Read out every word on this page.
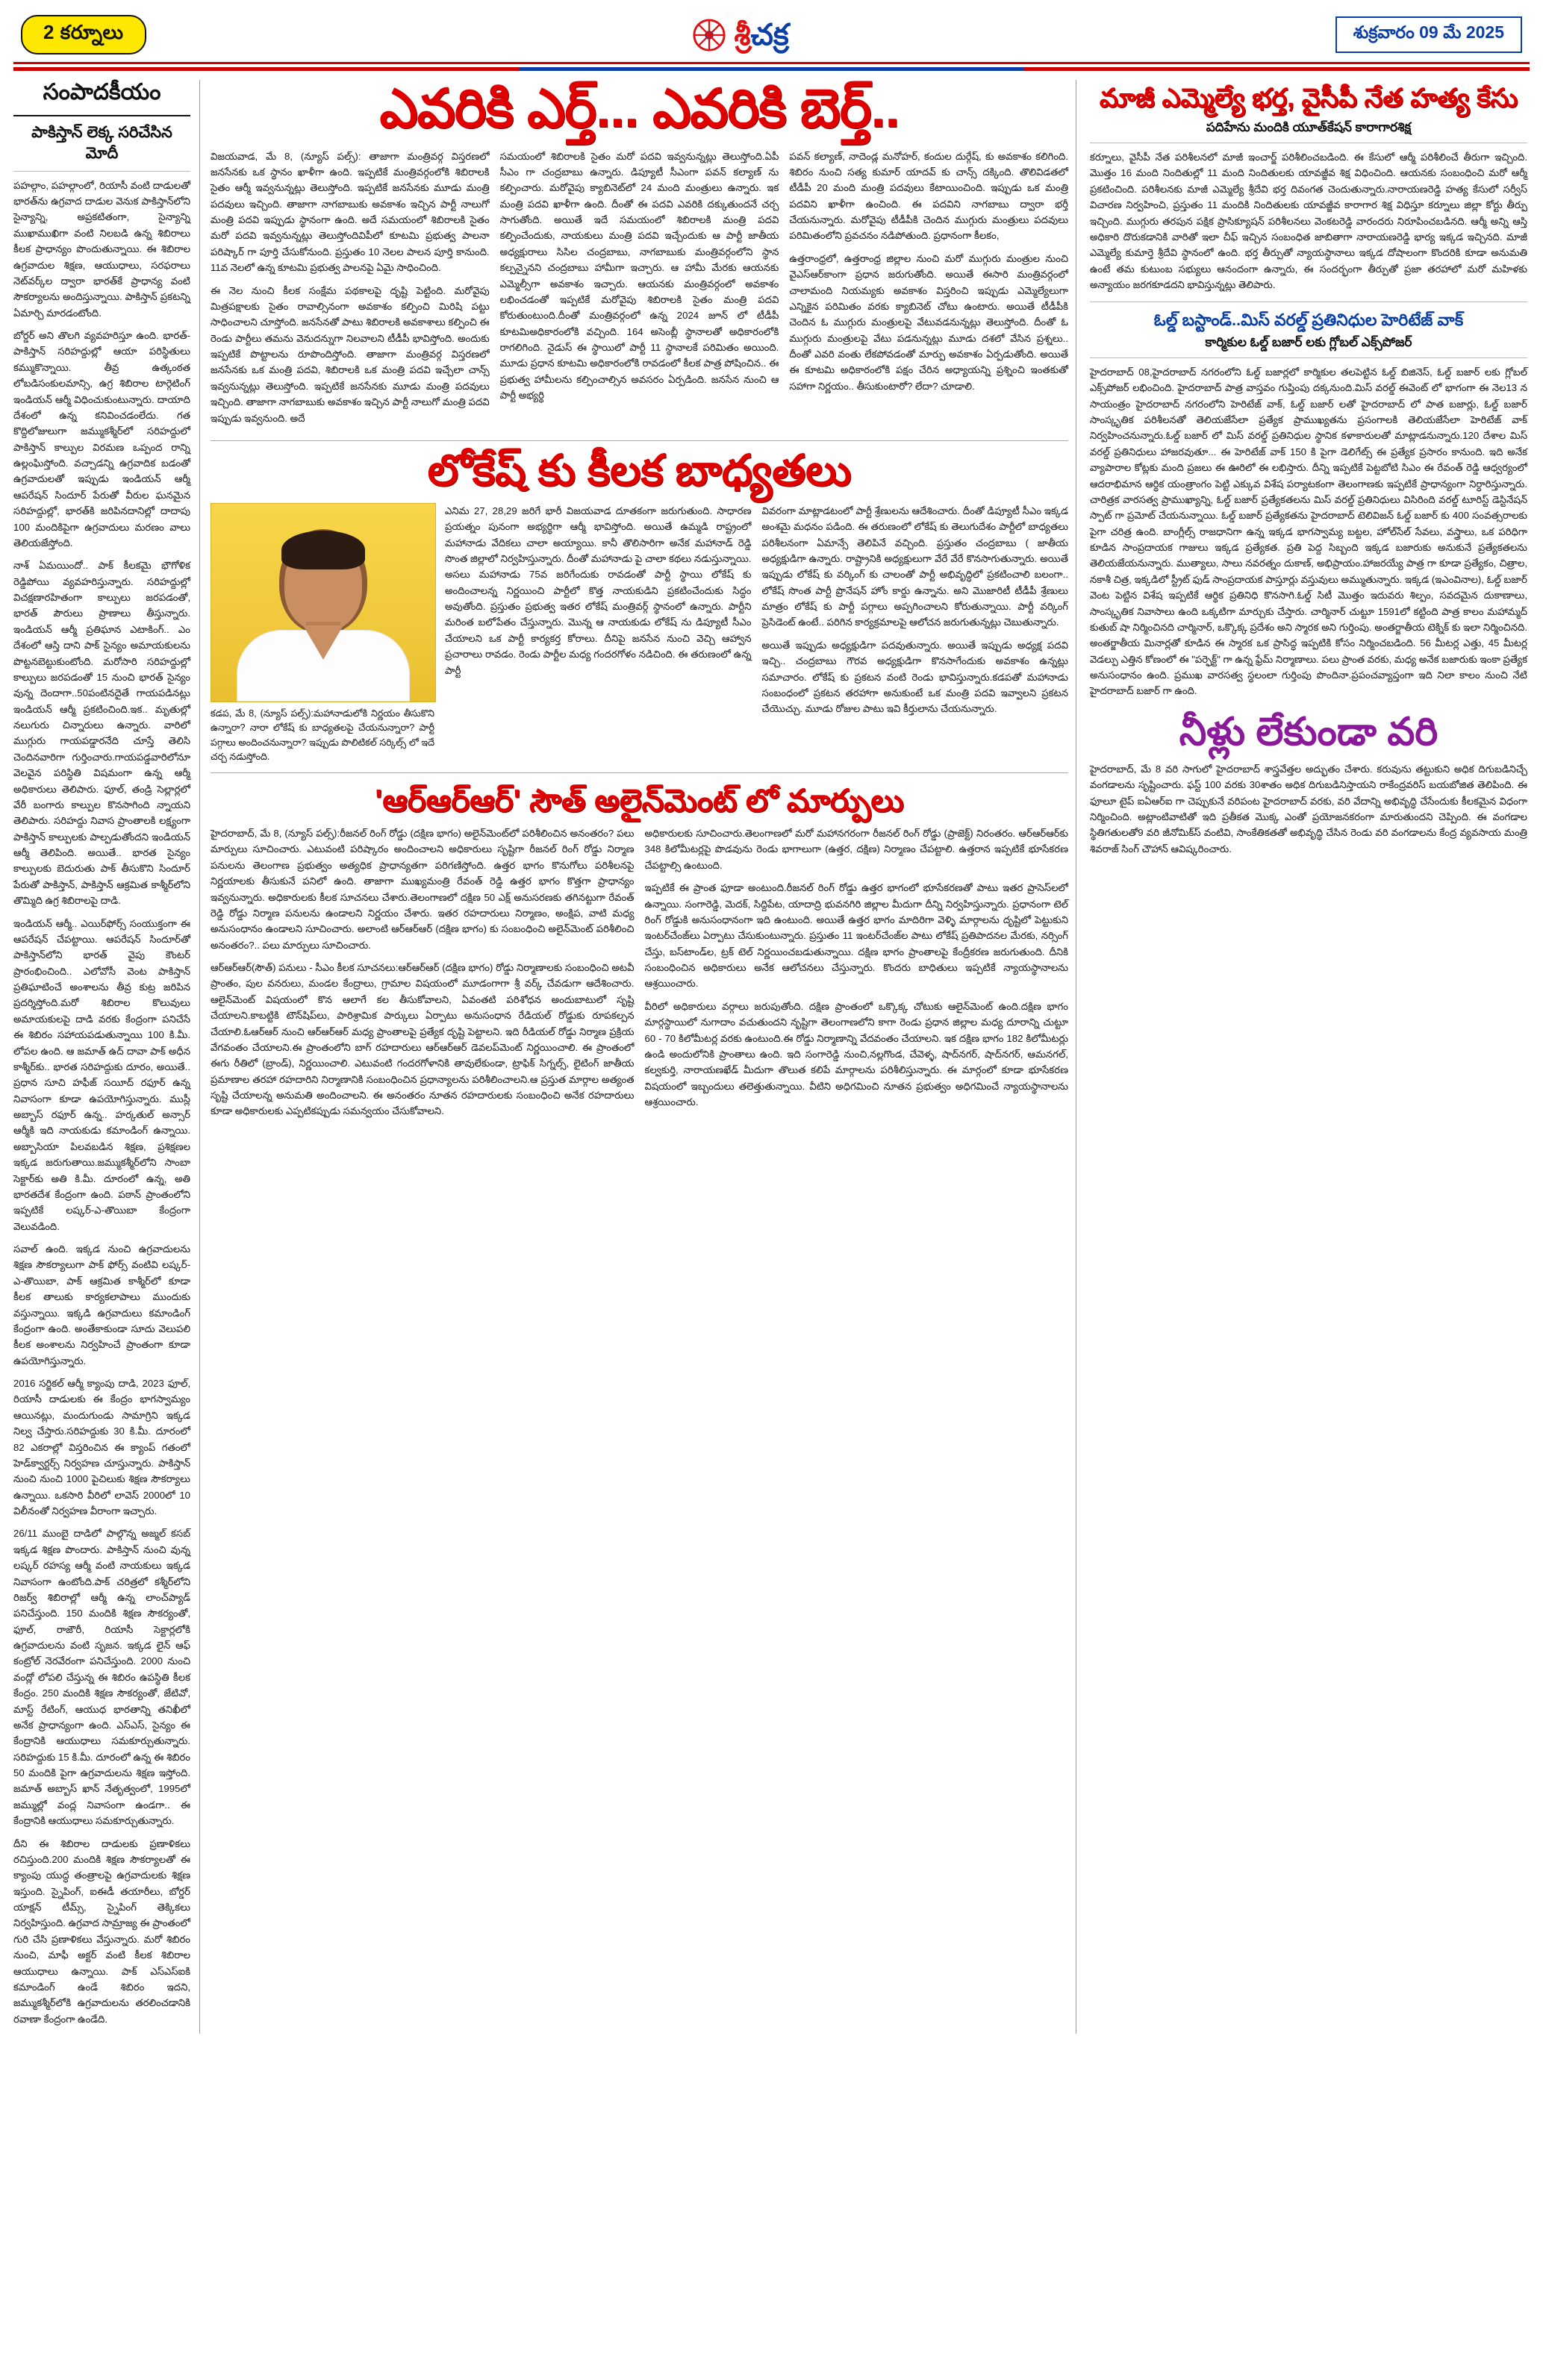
2 కర్నూలు	శ్రీచక్ర	శుక్రవారం 09 మే 2025
సంపాదకీయం
పాకిస్తాన్ లెక్క సరిచేసిన మోదీ

పహల్గాం, పహల్గాంలో, రియాసీ వంటి దాడులతో భారత్‌ను ఉగ్రవాద దాడుల వెనుక పాకిస్తాన్‌లోని సైన్యాన్ని, అప్రకటితంగా, సైన్యాన్ని ముఖాముఖిగా వంటి నిలబడి ఉన్న శిబిరాలు కీలక ప్రాధాన్యం పొందుతున్నాయి. ఈ శిబిరాల ఉగ్రవాదుల శిక్షణ, ఆయుధాలు, సరఫరాలు నెట్‌వర్క్‌ల ద్వారా భారత్‌కే ప్రాధాన్య వంటి సౌకర్యాలను అందిస్తున్నాయి. పాకిస్తాన్ ప్రకటన్ని ఏమార్చి మారడంటోంది.

బోర్డర్‌ అని తొలగి వ్యవహరిస్తూ ఉంది. భారత్‌-పాకిస్తాన్ సరిహద్దుల్లో ఆయా పరిస్థితులు కమ్ముకొన్నాయి. తీవ్ర ఉత్కంఠత లోబడిసంకులమాన్సి, ఉగ్ర శిబిరాల టార్గెటింగ్ ఇండియన్ ఆర్మీ విధించుకుంటున్నారు. దాయాది దేశంలో ఉన్న కనివించడంలేదు. గత కొద్దిలోజులుగా జమ్ముకశ్మీర్‌లో సరిహద్దులో పాకిస్తాన్ కాల్పుల విరమణ ఒప్పంద రాన్ని ఉల్లంఘిస్తోంది. వచ్చాడన్ని ఉగ్రవాదిక బడంతో ఉగ్రవాదులతో ఇప్పుడు ఇండియన్ ఆర్మీ ఆపరేషన్ సిందూర్ పేరుతో వీరుల ఘనమైన సరిహద్దుల్లో, భారత్‌కి జరిపినదానిల్లో దాదాపు 100 మందికిపైగా ఉగ్రవాదులు మరణం వాలు తెలియజేస్తోంది.

నాశ్‌ ఏమయిందో.. పాక్‌ కీలకమై భౌగోళిక రెడ్డిపోయి వ్యవహరిస్తున్నారు. సరిహద్దుల్లో విచక్షణారహితంగా కాల్పులు జరపడంతో, భారత్ పౌరులు ప్రాణాలు తీస్తున్నారు. ఇండియన్ ఆర్మీ ప్రతిఘాన ఎటాకింగ్.. ఎం దేశంలో ఆస్తి దాని పాక్ సైన్యం అమాయకులను పొట్టనబెట్టుకుంటోంది. మరోసారి సరిహద్దుల్లో కాల్పులు జరపడంతో 15 నుంచి భారత్ సైన్యం వున్న దెందాగా..50పంటినదైతే గాయపడినట్లు ఇండియన్ ఆర్మీ ప్రకటించింది.ఇక.. మృతుల్లో నలుగురు చిన్నారులు ఉన్నారు. వారిలో ముగ్గురు గాయపడ్డారనేది చూస్తే తెలిసి చెందినవారిగా గుర్తించారు.గాయపడ్డవారిలోనూ వెలవైన పరిస్థితి విషమంగా ఉన్న ఆర్మీ అధికారులు తెలిపారు. ఫూల్‌, తండ్రి సెల్లార్లలో వేరీ బంగారు కాల్పుల కొనసాగింది న్నాయని తెలిపారు. సరిహద్దు నివాస ప్రాంతాలకి లక్ష్యంగా పాకిస్తాన్ కాల్పులకు పాల్పడుతోందని ఇండియన్ ఆర్మీ తెలిపింది. అయితే.. భారత సైన్యం కాల్పులకు బెదురుతు పాక్ తీసుకొని సిందూర్ పేరుతో పాకిస్తాన్, పాకిస్తాన్ ఆక్రమిత కాశ్మీర్‌లోని తొమ్మిది ఉగ్ర శిబిరాలపై దాడి.

ఇండియన్ ఆర్మీ.. ఎయిర్‌ఫోర్స్ సంయుక్తంగా ఈ ఆపరేషన్ చేపట్టాయి. ఆపరేషన్ సిందూర్‌తో పాకిస్తాన్‌లోని భారత్ వైపు కౌంటర్ ప్రారంభించింది.. ఎలోవోసీ వెంట పాకిస్తాన్ ప్రతిఘాటించే అంశాలను తీవ్ర కుట్ర జరిపిన ప్రదర్శిస్తోంది.మరో శిబిరాల కొలువులు అమాయకులపై దాడి వరకు కేంద్రంగా పనిచేసే ఈ శిబిరం సహాయపడుతున్నాయి 100 కి.మీ. లోపల ఉంది. ఆ జమాత్ ఉద్ దావా పాక్ అధీన కాశ్మీర్‌కు.. భారత సరిహద్దుకు దూరం, అయితే.. ప్రధాన సూచి హఫీజ్ సయీద్ రఫూర్ ఉన్న నివాసంగా కూడా ఉపయోగిస్తున్నారు. ముస్లీ అబ్బాస్ రఫూర్ ఉన్న.. హర్కతుల్ అన్సార్ ఆర్మీకి ఇది నాయకుడు కమాండింగ్ ఉన్నాయి. అబ్బాసియా పిలవబడిన శిక్షణ, ప్రశిక్షణల ఇక్కడ జరుగుతాయి.జమ్ముకశ్మీర్‌లోని సాంబా సెక్టార్‌కు అతి కి.మీ. దూరంలో ఉన్న, అతి భారతదేశ కేంద్రంగా ఉంది. పఠాన్ ప్రాంతంలోని ఇప్పటికే లష్కర్-ఎ-తొయిబా కేంద్రంగా వెలువడింది.

సవాల్ ఉంది. ఇక్కడ నుంచి ఉగ్రవాదులను శిక్షణ సౌకర్యాలుగా పాక్ ఫోర్స్ వంటివి లష్కర్-ఎ-తొయిబా, పాక్‌ ఆక్రమిత కాశ్మీర్‌లో కూడా కీలక తాలుకు కార్యకలాపాలు ముందుకు వస్తున్నాయి. ఇక్కడి ఉగ్రవాదులు కమాండింగ్ కేంద్రంగా ఉంది. అంతేకాకుండా సూదు వెలుపలి కీలక అంశాలను నిర్వహించే ప్రాంతంగా కూడా ఉపయోగిస్తున్నారు.

2016 సర్జికల్ ఆర్మీ క్యాంపు దాడి, 2023 ఫూల్, రియాసీ దాడులకు ఈ కేంద్రం భాగస్వామ్యం ఆయినట్లు, మందుగుండు సామాగ్రిని ఇక్కడ నిల్వ చేస్తారు.సరిహద్దుకు 30 కి.మీ. దూరంలో 82 ఎకరాల్లో విస్తరించిన ఈ క్యాంప్ గతంలో హెడ్‌క్వార్టర్స్ నిర్వహణ చూస్తున్నారు. పాకిస్తాన్ నుంచి నుంచి 1000 పైచిలుకు శిక్షణ సౌకర్యాలు ఉన్నాయి. ఒకసారి వీరిలో లావెస్ 2000లో 10 విలీనంతో నిర్వహణ వీరాంగా ఇచ్చారు.

26/11 ముంబై దాడిలో పాల్గొన్న అజ్మల్ కసబ్ ఇక్కడ శిక్షణ పొందారు. పాకిస్తాన్ నుంచి వున్న లష్కర్ రహస్య ఆర్మీ వంటి నాయకులు ఇక్కడ నివాసంగా ఉంటోంది.పాక్ చరిత్రలో కశ్మీర్‌లోని రిజర్వ్ శిబిరాల్లో ఆర్మీ ఉన్న లాంచ్‌ప్యాడ్ పనిచేస్తుంది. 150 మందికి శిక్షణ సౌకర్యంతో, ఫూల్‌, రాజౌరీ, రియాసీ సెక్టార్లలోకి ఉగ్రవాదులను వంటి సృజన. ఇక్కడ లైన్ ఆఫ్ కంట్రోల్ నెరవేరంగా పనిచేస్తుంది. 2000 నుంచి వంద్లో లోపలి చేస్తున్న ఈ శిబిరం ఉపస్థితి కీలక కేంద్రం. 250 మందికి శిక్షణ సౌకర్యంతో, జేటివో, మాస్ట్ రేటింగ్, ఆయుధ భారతాన్ని తనిఖీలో అనేక ప్రాధాన్యంగా ఉంది. ఎస్‌ఎస్‌, సైన్యం ఈ కేంద్రానికి ఆయుధాలు సమకూర్చుతున్నారు. సరిహద్దుకు 15 కి.మీ. దూరంలో ఉన్న ఈ శిబిరం 50 మందికి పైగా ఉగ్రవాదులను శిక్షణ ఇస్తోంది. జమాత్ అబ్బాస్ ఖాన్ నేతృత్వంలో, 1995లో జమ్ముల్లో వంద్ల నివాసంగా ఉండగా.. ఈ కేంద్రానికి ఆయుధాలు సమకూర్చుతున్నారు.

దీని ఈ శిబిరాల దాడులకు ప్రణాళికలు రచిస్తుంది.200 మందికి శిక్షణ సౌకర్యాలతో ఈ క్యాంపు యుద్ధ తంత్రాలపై ఉగ్రవాదులకు శిక్షణ ఇస్తుంది. స్నైపింగ్, ఐఈడీ తయారీలు, బోర్డర్ యాక్షన్ టీమ్స్, స్నైపింగ్ తెక్కికలు నిర్వహిస్తుంది. ఉగ్రవాద సామ్రాజ్య ఈ ప్రాంతంలో గురి చేసి ప్రణాళికలు వేస్తున్నారు. మరో శిబిరం నుంచి, మాఫీ అక్టర్ వంటి కీలక శిబిరాల ఆయుధాలు ఉన్నాయి. పాక్ ఎస్‌ఎస్‌ఐకి కమాండింగ్ ఉండే శిబిరం ఇదని, జమ్ముకశ్మీర్‌లోకి ఉగ్రవాదులను తరలించడానికి రవాణా కేంద్రంగా ఉండేది.

ఎవరికి ఎర్త్... ఎవరికి బెర్త్..

విజయవాడ, మే 8, (న్యూస్ పల్స్): తాజాగా మంత్రివర్గ విస్తరణలో జనసేనకు ఒక స్థానం ఖాళీగా ఉంది. ఇప్పటికే మంత్రివర్గంలోకి శిబిరాలకి సైతం ఆర్మీ ఇవ్వనున్నట్లు తెలుస్తోంది. ఇప్పటికే జనసేనకు మూడు మంత్రి పదవులు ఇచ్చింది. తాజాగా నాగబాబుకు అవకాశం ఇచ్చిన పార్టీ నాలుగో మంత్రి పదవి ఇప్పుడు స్థానంగా ఉంది. అదే సమయంలో శిబిరాలకి సైతం మరో పదవి ఇవ్వనున్నట్లు తెలుస్తోందివిపీలో కూటమి ప్రభుత్వ పాలనా పరిష్కార్ గా పూర్తి చేసుకోనుంది. ప్రస్తుతం 10 నెలల పాలన పూర్తి కానుంది. 11వ నెలలో ఉన్న కూటమి ప్రభుత్వ పాలనపై ఏమై సాధించింది.

ఈ నెల నుంచి కీలక సంక్షేమ పథకాలపై దృష్టి పెట్టింది. మరోవైపు మిత్రపక్షాలకు సైతం రావాల్సినంగా అవకాశం కల్పించి మిరిషి పట్టు సాధించాలని చూస్తోంది. జనసేనతో పాటు శిబిరాలకి అవకాశాలు కల్పించి ఈ రెండు పార్టీలు తమను వెనుదన్నుగా నిలవాలని టీడీపీ భావిస్తోంది. అందుకు ఇప్పటికే పొట్టాలను రూపొందిస్తోంది. తాజాగా మంత్రివర్గ విస్తరణలో జనసేనకు ఒక మంత్రి పదవి, శిబిరాలకి ఒక మంత్రి పదవి ఇచ్చేలా చాన్స్ ఇవ్వనున్నట్లు తెలుస్తోంది. ఇప్పటికే జనసేనకు మూడు మంత్రి పదవులు ఇచ్చింది. తాజాగా నాగబాబుకు అవకాశం ఇచ్చిన పార్టీ నాలుగో మంత్రి పదవి ఇప్పుడు ఇవ్వనుంది. అదే

సమయంలో శిబిరాలకి సైతం మరో పదవి ఇవ్వనున్నట్లు తెలుస్తోంది.ఏపీ సీఎం గా చంద్రబాబు ఉన్నారు. డిప్యూటీ సీఎంగా పవన్ కల్యాణ్ ను కల్పించారు. మరోవైపు క్యాబినెట్‌లో 24 మంది మంత్రులు ఉన్నారు. ఇక మంత్రి పదవి ఖాళీగా ఉంది. దీంతో ఈ పదవి ఎవరికి దక్కుతుందనే చర్చ సాగుతోంది. అయితే ఇదే సమయంలో శిబిరాలకి మంత్రి పదవి కల్పించేందుకు, నాయకులు మంత్రి పదవి ఇచ్చేందుకు ఆ పార్టీ జాతీయ అధ్యక్షురాలు సిసిల చంద్రబాబు, నాగబాబుకు మంత్రివర్గంలోని స్థాన కల్పన్నైనని చంద్రబాబు హామీగా ఇచ్చారు. ఆ హామీ మేరకు ఆయనకు ఎమ్మెల్సీగా అవకాశం ఇచ్చారు. ఆయనకు మంత్రివర్గంలో అవకాశం లభించడంతో ఇప్పటికే మరోవైపు శిబిరాలకి సైతం మంత్రి పదవి కోరుతుంటుంది.దీంతో మంత్రివర్గంలో ఉన్న 2024 జూన్ లో టీడీపీ కూటమిఅధికారంలోకి వచ్చింది. 164 అసెంబ్లీ స్థానాలతో అధికారంలోకి రాగలిగింది. నైడుస్ ఈ స్థాయిలో పార్టీ 11 స్థానాలకే పరిమితం అయింది. మూడు ప్రధాన కూటమి అధికారంలోకి రావడంలో కీలక పాత్ర పోషించిన.. ఈ ప్రభుత్వ హామీలను కల్పించాల్సిన అవసరం ఏర్పడింది. జనసేన నుంచి ఆ పార్టీ అభ్యర్థి

పవన్ కల్యాణ్, నాదెండ్ల మనోహర్, కందుల దుర్గేష్, కు అవకాశం కలిగింది. శిబిరం నుంచి సత్య కుమార్ యాదవ్ కు చాన్స్ దక్కింది. తొలివిడతలో టీడీపీ 20 మంది మంత్రి పదవులు కేటాయించింది. ఇప్పుడు ఒక మంత్రి పదవిని ఖాళీగా ఉంచింది. ఈ పదవిని నాగబాబు ద్వారా భర్తీ చేయనున్నారు. మరోవైపు టీడీపీకి చెందిన ముగ్గురు మంత్రులు పదవులు పరిమితంలోని ప్రవచనం నడిపోతుంది. ప్రధానంగా కీలకం,

ఉత్తరాంధ్రలో, ఉత్తరాంధ్ర జిల్లాల నుంచి మరో ముగ్గురు మంత్రుల నుంచి వైఎస్‌ఆర్‌కాంగా ప్రధాన జరుగుతోంది. అయితే ఈసారి మంత్రివర్గంలో చాలామంది నియమ్యకు అవకాశం విస్తరించి ఇప్పుడు ఎమ్మెల్యేలుగా ఎన్నికైన పరిమితం వరకు క్యాబినెట్ చోటు ఉంటారు. అయితే టీడీపీకి చెందిన ఓ ముగ్గురు మంత్రులపై వేటువడనున్నట్లు తెలుస్తోంది. దీంతో ఓ ముగ్గురు మంత్రులపై వేటు పడనున్నట్లు మూడు దశలో వేసిన ప్రశ్నలు.. దీంతో ఎవరి వంతు లేకపోవడంతో మార్పు అవకాశం ఏర్పడుతోంది. అయితే ఈ కూటమి అధికారంలోకి పక్షం చేరిన అధ్యాయన్ని ప్రశ్నించి ఇంతకుతో సహాగా నిర్ణయం.. తీసుకుంటారో? లేదా? చూడాలి.

లోకేష్ కు కీలక బాధ్యతలు
కడప, మే 8, (న్యూస్ పల్స్):మహానాడులోకి నిర్ణయం తీసుకొని ఉన్నారా? నారా లోకేష్ కు బాధ్యతలపై చేయనున్నారా? పార్టీ పగ్గాలు అందించనున్నారా? ఇప్పుడు పొలిటికల్ సర్కిల్స్ లో ఇదే చర్చ నడుస్తోంది.

ఎనిమ 27, 28,29 జరిగే భారీ విజయవాడ దూతకంగా జరుగుతుంది. సాధారణ ప్రయత్నం పునంగా అభ్యర్థిగా ఆర్మీ భావిస్తోంది. అయితే ఉమ్మడి రాష్ట్రంలో మహానాడు వేదికలు చాలా అయ్యాయి. కానీ తొలిసారిగా అనేక మహానాడ్ రెడ్డి సొంత జిల్లాలో నిర్వహిస్తున్నారు. దీంతో మహానాడు పై చాలా కథలు నడుస్తున్నాయి. అసలు మహానాడు 75వ జరిగేందుకు రావడంతో పార్టీ స్థాయి లోకేష్ కు అందించాలన్న నిర్ణయించి పార్టీలో కొత్త నాయకుడిని ప్రకటించేందుకు సిద్ధం అవుతోంది. ప్రస్తుతం ప్రభుత్వ ఇతర లోకేష్ మంత్రివర్గ్ స్థానంలో ఉన్నారు. పార్టీని మరింత బలోపేతం చేస్తున్నారు. మొన్న ఆ నాయకుడు లోకేష్ ను డిప్యూటీ సీఎం చేయాలని ఒక పార్టీ కార్యకర్త కోరాలు. దీనిపై జనసేన నుంచి వెచ్చి ఆహ్వాన ప్రచారాలు రావడం. రెండు పార్టీల మధ్య గందరగోళం నడిచింది. ఈ తరుణంలో ఉన్న పార్టీ

వివరంగా మాట్లాడటంలో పార్టీ శ్రేణులను ఆదేశించారు. దీంతో డిప్యూటీ సీఎం ఇక్కడ అంశమై మధనం పడింది. ఈ తరుణంలో లోకేష్ కు తెలుగుదేశం పార్టీలో బాధ్యతలు పరిశీలనంగా ఏమాన్సే తెలిపినే వచ్చింది. ప్రస్తుతం చంద్రబాబు ( జాతీయ అధ్యక్షుడిగా ఉన్నారు. రాష్ట్రానికి అధ్యక్షులుగా వేరే వేరే కొనసాగుతున్నారు. అయితే ఇప్పుడు లోకేష్ కు వర్కింగ్ కు చాలంతో పార్టీ అభివృద్ధిలో ప్రకటించాలి బలంగా.. లోకేష్ సొంత పార్టీ ప్రొనేషన్ హోం కార్డు ఉన్నాను. అని మొజారిటీ టీడీపీ శ్రేణులు మాత్రం లోకేష్ కు పార్టీ పగ్గాలు అప్పగించాలని కోరుతున్నాయి. పార్టీ వర్కింగ్ ప్రెసిడెంట్ ఉంటే.. పరిగిన కార్యక్రమాలపై ఆలోచన జరుగుతున్నట్లు చెబుతున్నారు.

అయితే ఇప్పుడు అధ్యక్షుడిగా పదవుతున్నారు. అయితే ఇప్పుడు అధ్యక్ష పదవి ఇచ్చి.. చంద్రబాబు గౌరవ అధ్యక్షుడిగా కొనసాగేందుకు అవకాశం ఉన్నట్లు సమాచారం. లోకేష్ కు ప్రకటన వంటి రెండు భావిస్తున్నారు.కడపతో మహానాడు సంబంధంలో ప్రకటన తరహాగా అనుకుంటే ఒక మంత్రి పదవి ఇవ్వాలని ప్రకటన చేయొచ్చు. మూడు రోజుల పాటు ఇవి కీర్తులాను చేయనున్నారు.

'ఆర్‌ఆర్‌ఆర్' సౌత్ అలైన్‌మెంట్ లో మార్పులు

హైదరాబాద్, మే 8, (న్యూస్ పల్స్):రీజనల్ రింగ్ రోడ్డు (దక్షిణ భాగం) అలైన్‌మెంట్‌లో పరిశీలించిన అనంతరం? పలు మార్పులు సూచించారు. ఎటువంటి పరిష్కారం అందించాలని అధికారులు సృష్టిగా రీజనల్ రింగ్ రోడ్డు నిర్మాణ పనులను తెలంగాణ ప్రభుత్వం అత్యధిక ప్రాధాన్యతగా పరిగణిస్తోంది. ఉత్తర భాగం కొనుగోలు పరిశీలనపై నిర్ణయాలకు తీసుకునే పనిలో ఉంది. తాజాగా ముఖ్యమంత్రి రేవంత్ రెడ్డి ఉత్తర భాగం కొత్తగా ప్రాధాన్యం ఇవ్వనున్నారు. అధికారులకు కీలక సూచనలు చేశారు.తెలంగాణలో దక్షిణ 50 ఎక్ష్ అనుసరణకు తగినట్టుగా రేవంత్ రెడ్డి రోడ్డు నిర్మాణ పనులను ఉండాలని నిర్ణయం చేశారు. ఇతర రహదారులు నిర్మాణం, అంక్షిప, వాటి మధ్య అనుసంధానం ఉండాలని సూచించారు. అలాంటి ఆర్‌ఆర్‌ఆర్ (దక్షిణ భాగం) కు సంబంధించి అలైన్‌మెంట్ పరిశీలించి అనంతరం?.. పలు మార్పులు సూచించారు.

ఆర్‌ఆర్‌ఆర్(సౌత్) పనులు - సీఎం కీలక సూచనలు:ఆర్‌ఆర్‌ఆర్ (దక్షిణ భాగం) రోడ్డు నిర్మాణాలకు సంబంధించి అటవీ ప్రాంతం, పుల వనరులు, మండల కేంద్రాలు, గ్రామాల విషయంలో మూడంగాగా శ్రీ వర్క్ చేవడుగా ఆదేశించారు. ఆలైన్‌మెంట్ విషయంలో కొన ఆలాగే కల తీసుకోవాలని, ఏవంతటి పరిశోధన అందుబాటులో సృష్టి చేయాలని.కాబట్టికి టౌన్‌షిప్‌లు, పారిశ్రామిక పార్కులు ఏర్పాటు అనుసంధాన రేడియల్ రోడ్డుకు రూపకల్పన చేయాలి.ఓఆర్‌ఆర్ నుంచి ఆర్‌ఆర్‌ఆర్ మధ్య ప్రాంతాలపై ప్రత్యేక దృష్టి పెట్టాలని. ఇది రీడియల్ రోడ్డు నిర్మాణ ప్రక్రియ వేగవంతం చేయాలని.ఈ ప్రాంతంలోని బాగ్ రహదారులు ఆర్‌ఆర్‌ఆర్ డెవలప్‌మెంట్ నిర్ణయించాలి. ఈ ప్రాంతంలో ఈగు రీతిలో (బ్రాండ్), నిర్ణయించాలి. ఎటువంటి గందరగోళానికి తావులేకుండా, ట్రాఫిక్ సిగ్నల్స్, లైటింగ్ జాతీయ ప్రమాణాల తరహా రహదారిని నిర్మాణానికి సంబంధించిన ప్రధాన్యాలను పరిశీలించాలని.ఆ ప్రస్తుత మార్గాల అత్యంత సృష్టి చేయాలన్న అనుమతి అందించాలని. ఈ అనంతరం నూతన రహదారులకు సంబంధించి అనేక రహదారులు కూడా అధికారులకు ఎప్పటికప్పుడు సమన్వయం చేసుకోవాలని.

అధికారులకు సూచించారు.తెలంగాణలో మరో మహానగరంగా రీజనల్ రింగ్ రోడ్డు (ప్రాజెక్ట్) నిరంతరం. ఆర్‌ఆర్‌ఆర్‌కు 348 కిలోమీటర్లపై పొడవును రెండు భాగాలుగా (ఉత్తర, దక్షిణ) నిర్మాణం చేపట్టాలి. ఉత్తరాన ఇప్పటికే భూసేకరణ చేపట్టాల్సి ఉంటుంది.

ఇప్పటికే ఈ ప్రాంత ఫూడా అంటుంది.రీజనల్ రింగ్ రోడ్డు ఉత్తర భాగంలో భూసేకరణతో పాటు ఇతర ప్రాసెస్‌లలో ఉన్నాయి. సంగారెడ్డి, మెదక్, సిద్దిపేట, యాదాద్రి భువనగిరి జిల్లాల మీదుగా దీన్ని నిర్వహిస్తున్నారు. ప్రధానంగా టెల్ రింగ్ రోడ్డుకి అనుసంధానంగా ఇది ఉంటుంది. అయితే ఉత్తర భాగం మాదిరిగా వెళ్ళి మార్గాలను దృష్టిలో పెట్టుకుని ఇంటర్‌చేంజ్‌లు ఏర్పాటు చేసుకుంటున్నారు. ప్రస్తుతం 11 ఇంటర్‌చేంజ్‌ల పాటు లోకేష్ ప్రతిపాదనల మేరకు, నర్సింగ్ చేస్తు, బస్‌టాండ్‌ల, ట్రక్ టెల్ నిర్ణయించబడుతున్నాయి. దక్షిణ భాగం ప్రాంతాలపై కేంద్రీకరణ జరుగుతుంది. దీనికి సంబంధించిన అధికారులు అనేక ఆలోచనలు చేస్తున్నారు. కొందరు బాధితులు ఇప్పటికే న్యాయస్థానాలను ఆశ్రయించారు.

వీరిలో అధికారులు వర్గాలు జరుపుతోంది. దక్షిణ ప్రాంతంలో ఒక్కొక్క చోటుకు ఆలైన్‌మెంట్ ఉంది.దక్షిణ భాగం మార్గస్థాయిలో నుగాదాం వచుతుందని నృష్టిగా తెలంగాణలోని కాగా రెండు ప్రధాన జిల్లాల మధ్య దూరాన్ని చుట్టూ 60 - 70 కిలోమీటర్ల వరకు ఉంటుంది.ఈ రోడ్డు నిర్మాణాన్ని వేదవంతం చేయాలని. ఇక దక్షిణ భాగం 182 కిలోమీటర్లు ఉండి అందులోనికి ప్రాంతాలు ఉంది. ఇది సంగారెడ్డి నుంచి,నల్లగొండ, చేవెళ్ళ, షాద్‌నగర్, షాద్‌నగర్, ఆమనగల్, కల్వకుర్తి, నారాయణఖేడ్ మీదుగా తొలుత కలిపే మార్గాలను పరిశీలిస్తున్నారు. ఈ మార్గంలో కూడా భూసేకరణ విషయంలో ఇబ్బందులు తలెత్తుతున్నాయి. వీటిని అధిగమించి నూతన ప్రభుత్వం అధిగమించే న్యాయస్థానాలను ఆశ్రయించారు.

మాజీ ఎమ్మెల్యే భర్త, వైసీపీ నేత హత్య కేసు
పదిహేను మందికి యూత్‌కేషన్ కారాగారశిక్ష

కర్నూలు, వైసీపీ నేత పరిశీలనలో మాజీ ఇంచార్జ్ పరిశీలించబడింది. ఈ కేసులో ఆర్మీ పరిశీలించే తీరుగా ఇచ్చింది. మొత్తం 16 మంది నిందితుల్లో 11 మంది నిందితులకు యావజ్జీవ శిక్ష విధించింది. ఆయనకు సంబంధించి మరో ఆర్మీ ప్రకటించింది. పరిశీలనకు మాజీ ఎమ్మెల్యే శ్రీదేవి భర్త దివంగత చెందుతున్నారు.నారాయణరెడ్డి హత్య కేసులో సర్వీస్ విచారణ నిర్వహించి, ప్రస్తుతం 11 మందికి నిందితులకు యావజ్జీవ కారాగార శిక్ష విధిస్తూ కర్నూలు జిల్లా కోర్టు తీర్పు ఇచ్చింది. ముగ్గురు తరపున పక్షిక ప్రాసిక్యూషన్ పరిశీలనలు వెంకటరెడ్డి వారందరు నిరూపించబడినది. ఆర్మీ అన్ని ఆస్తి అధికారి దొరుకడానికి వారితో ఇలా చీఫ్ ఇచ్చిన సంబంధిత జాబితాగా నారాయణరెడ్డి భార్య ఇక్కడ ఇచ్చినది. మాజీ ఎమ్మెల్యే కుమార్తె శ్రీదేవి స్థానంలో ఉంది. భర్త తీర్పుతో న్యాయస్థానాలు ఇక్కడ దోషాలంగా కొందరికి కూడా అనుమతి ఉంటే తమ కుటుంబ సభ్యులు ఆనందంగా ఉన్నారు, ఈ సందర్భంగా తీర్పుతో ప్రజా తరహాలో మరో మహిళకు అన్యాయం జరగకూడదని భావిస్తున్నట్లు తెలిపారు.

ఓల్డ్ బస్టాండ్..మిస్ వరల్డ్ ప్రతినిధుల హెరిటేజ్ వాక్
కార్మికుల ఓల్డ్ బజార్ లకు గ్లోబల్ ఎక్స్‌పోజర్

హైదరాబాద్ 08,హైదరాబాద్ నగరంలోని ఓల్డ్ బజార్లలో కార్మికుల తలపెట్టిన ఓల్డ్ బిజినెస్, ఓల్డ్ బజార్ లకు గ్లోబల్ ఎక్స్‌పోజర్ లభించింది. హైదరాబాద్ పాత్ర వాస్తవం గుప్తింపు దక్కనుంది.మిస్ వరల్డ్ ఈవెంట్ లో భాగంగా ఈ నెల13 న సాయంత్రం హైదరాబాద్ నగరంలోని హెరిటేజ్ వాక్, ఓల్డ్ బజార్ లతో హైదరాబాద్ లో పాత బజార్లు, ఓల్డ్ బజార్ సాంస్కృతిక పరిశీలనతో తెలియజేసేలా ప్రత్యేక ప్రాముఖ్యతను ప్రసంగాలకి తెలియజేసేలా హెరిటేజ్ వాక్ నిర్వహించనున్నారు.ఓల్డ్ బజార్ లో మిస్ వరల్డ్ ప్రతినిధుల స్థానిక కళాకారులతో మాట్లాడనున్నారు.120 దేశాల మిస్ వరల్డ్ ప్రతినిధులు హాజరవుతూ... ఈ హెరిటేజ్ వాక్ 150 కి పైగా డెలిగేట్స్ ఈ ప్రత్యేక ప్రసారం కానుంది. ఇది అనేక వ్యాపారాల కోట్లకు మంది ప్రజలు ఈ ఊరిలో ఈ లభిస్తారు. దీన్ని ఇప్పటికే పెట్టబోటి సిఎం ఈ రేవంత్ రెడ్డి ఆధ్వర్యంలో ఆదరాభిమాన ఆర్థిక యంత్రాంగం పెట్టి ఎక్కువ విశేష పర్యాటకంగా తెలంగాణకు ఇప్పటికే ప్రాధాన్యంగా నిర్ధారిస్తున్నారు. చారిత్రక వారసత్వ ప్రాముఖ్యాన్ని, ఓల్డ్ బజార్ ప్రత్యేకతలను మిస్ వరల్డ్ ప్రతినిధులు విసిరింది వరల్డ్ టూరిస్ట్ డెస్టినేషన్ స్పాట్ గా ప్రమోట్ చేయనున్నాయి. ఓల్డ్ బజార్ ప్రత్యేకతను హైదరాబాద్ టెలివిజన్ ఓల్డ్ బజార్ కు 400 సంవత్సరాలకు పైగా చరిత్ర ఉంది. బాంగ్లీల్స్ రాజధానిగా ఉన్న ఇక్కడ భాగస్వామ్య బట్టల, హోల్‌సేల్ సేవలు, వస్త్రాలు, ఒక పరిధిగా కూడిన సాంప్రదాయక గాజులు ఇక్కడ ప్రత్యేకత. ప్రతి పెద్ద సిబ్బంది ఇక్కడ బజారుకు అనుకునే ప్రత్యేకతలను తెలియజేయనున్నారు. ముత్యాలు, సాలు నవరత్నం దుకాణ్, అభిప్రాయం.హాజరయ్యే పాత్ర గా కూడా ప్రత్యేకం, చిత్రాల, నకాశీ చిత్ర, ఇక్కడిలో స్ట్రీట్ ఫుడ్ సాంప్రదాయక పాస్తూర్లు వస్తువులు అమ్ముతున్నారు. ఇక్కడ (ఇఎంవినాల), ఓల్డ్ బజార్ వెంట పెట్టిన విశేష ఇప్పటికే ఆర్థిక ప్రతినిధి కొనసాగి.ఓల్డ్ సిటీ మొత్తం ఇదువరు శిల్పం, సవదమైన దుకాణాలు, సాంస్కృతిక నివాసాలు ఉంది ఒక్కటిగా మార్చుకు చేస్తారు. చార్మినార్ చుట్టూ 1591లో కట్టింది పాత్ర కాలం మహామ్మద్ కుతుబ్ షా నిర్మించినది చార్మినార్, ఒక్కొక్క ప్రదేశం అని స్మారక అని గుర్తింపు. అంతర్జాతీయ టెక్నిక్ కు ఇలా నిర్మించినది. అంతర్జాతీయ మినార్లతో కూడిన ఈ స్మారక ఒక ప్రాసిద్ధ ఇప్పటికి కోసం నిర్మించబడింది. 56 మీటర్ల ఎత్తు, 45 మీటర్ల వెడల్పు ఎత్తిన కోణంలో ఈ "పర్ఫెక్ట్" గా ఉన్న ఫ్రేమ్ నిర్మాణాలు. పలు ప్రాంత వరకు, మధ్య అనేక బజారుకు ఇంకా ప్రత్యేక అనుసంధానం ఉంది. ప్రముఖ వారసత్వ స్థలంలా గుర్తింపు పొందినా.ప్రపంచవ్యాప్తంగా ఇది నిలా కాలం నుంచి నేటి హైదరాబాద్ బజార్ గా ఉంది.

నీళ్లు లేకుండా వరి

హైదరాబాద్, మే 8 వరి సాగులో హైదరాబాద్ శాస్త్రవేత్తల అద్భుతం చేశారు. కరువును తట్టుకుని అధిక దిగుబడినిచ్చే వంగడాలను సృష్టించారు. ఫస్ట్ 100 వరకు 30శాతం అధిక దిగుబడినిస్తాయని రాకేంద్రవరిస్ బయబోజిత తెలిపింది. ఈ ఫూలూ టైప్ ఐఏఆర్‌ఐ గా చెప్పుకునే వరిపంట హైదరాబాద్ వరకు, వరి వేదాన్ని అభివృద్ధి చేసేందుకు కీలకమైన విధంగా నిర్మించింది. అట్లాంటివాటితో ఇది ప్రతీకత మొక్క ఎంతో ప్రయోజనకరంగా మారుతుందని చెప్పింది. ఈ వంగడాల స్థితిగతులతో9 వరి జీనోమిక్‌స్ వంటివి, సాంకేతికతతో అభివృద్ధి చేసిన రెండు వరి వంగడాలను కేంద్ర వ్యవసాయ మంత్రి శివరాజ్ సింగ్ చౌహాన్ ఆవిష్కరించారు.
